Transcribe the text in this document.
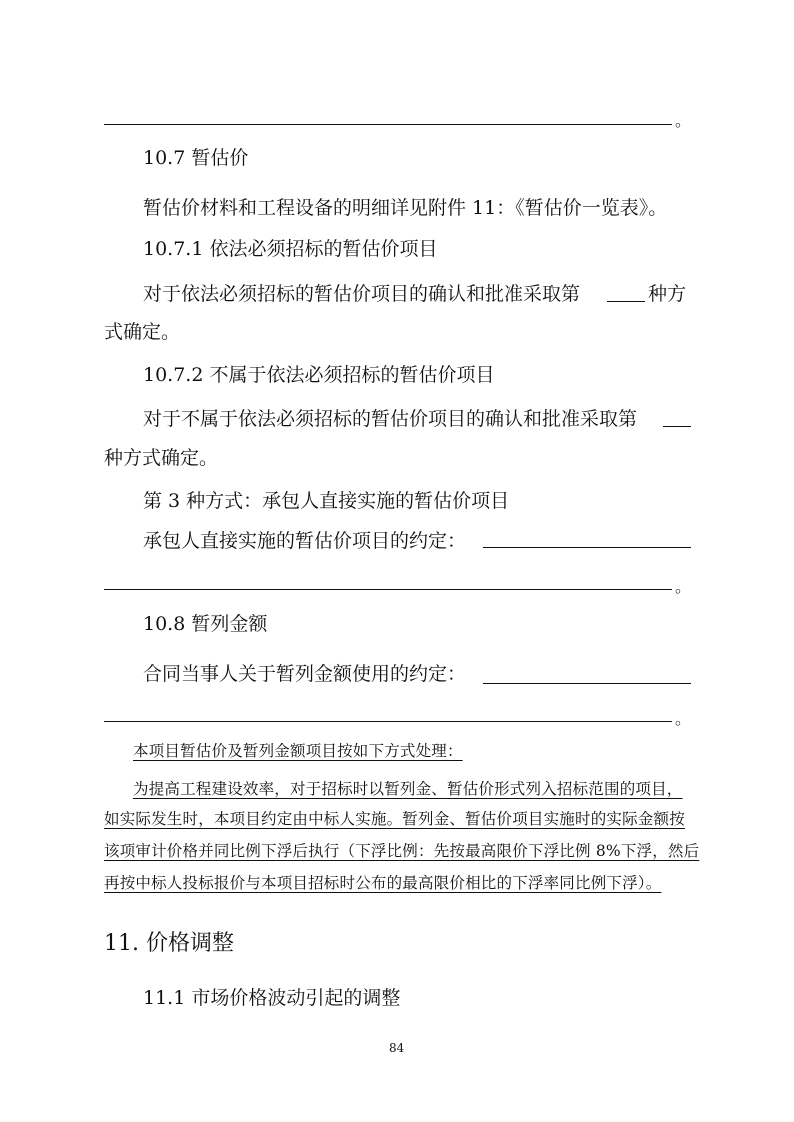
。
10.7 暂估价
暂估价材料和工程设备的明细详见附件 11：《暂估价一览表》。
10.7.1 依法必须招标的暂估价项目
对于依法必须招标的暂估价项目的确认和批准采取第	种方
式确定。
10.7.2 不属于依法必须招标的暂估价项目
对于不属于依法必须招标的暂估价项目的确认和批准采取第
种方式确定。
第 3 种方式：承包人直接实施的暂估价项目
承包人直接实施的暂估价项目的约定：
。
10.8 暂列金额
合同当事人关于暂列金额使用的约定：
。
本项目暂估价及暂列金额项目按如下方式处理：
为提高工程建设效率，对于招标时以暂列金、暂估价形式列入招标范围的项目，
如实际发生时，本项目约定由中标人实施。暂列金、暂估价项目实施时的实际金额按
该项审计价格并同比例下浮后执行（下浮比例：先按最高限价下浮比例 8%下浮，然后
再按中标人投标报价与本项目招标时公布的最高限价相比的下浮率同比例下浮）。
11. 价格调整
11.1 市场价格波动引起的调整
84
